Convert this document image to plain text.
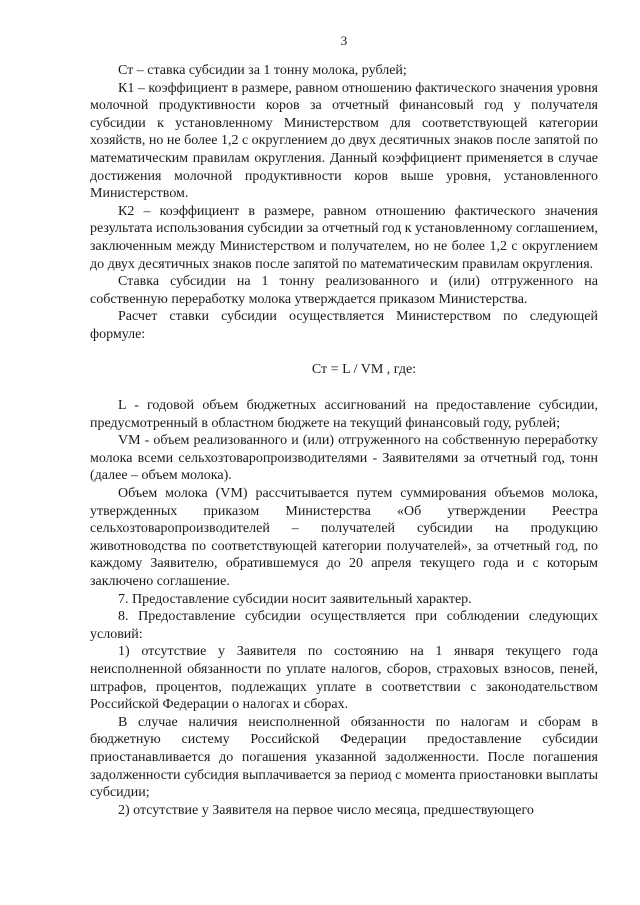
3

Ст – ставка субсидии за 1 тонну молока, рублей;

К1 – коэффициент в размере, равном отношению фактического значения уровня молочной продуктивности коров за отчетный финансовый год у получателя субсидии к установленному Министерством для соответствующей категории хозяйств, но не более 1,2 с округлением до двух десятичных знаков после запятой по математическим правилам округления. Данный коэффициент применяется в случае достижения молочной продуктивности коров выше уровня, установленного Министерством.

К2 – коэффициент в размере, равном отношению фактического значения результата использования субсидии за отчетный год к установленному соглашением, заключенным между Министерством и получателем, но не более 1,2 с округлением до двух десятичных знаков после запятой по математическим правилам округления.

Ставка субсидии на 1 тонну реализованного и (или) отгруженного на собственную переработку молока утверждается приказом Министерства.

Расчет ставки субсидии осуществляется Министерством по следующей формуле:

Ст = L / VM , где:

L - годовой объем бюджетных ассигнований на предоставление субсидии, предусмотренный в областном бюджете на текущий финансовый году, рублей;

VM - объем реализованного и (или) отгруженного на собственную переработку молока всеми сельхозтоваропроизводителями - Заявителями за отчетный год, тонн (далее – объем молока).

Объем молока (VM) рассчитывается путем суммирования объемов молока, утвержденных приказом Министерства «Об утверждении Реестра сельхозтоваропроизводителей – получателей субсидии на продукцию животноводства по соответствующей категории получателей», за отчетный год, по каждому Заявителю, обратившемуся до 20 апреля текущего года и с которым заключено соглашение.

7. Предоставление субсидии носит заявительный характер.

8. Предоставление субсидии осуществляется при соблюдении следующих условий:

1) отсутствие у Заявителя по состоянию на 1 января текущего года неисполненной обязанности по уплате налогов, сборов, страховых взносов, пеней, штрафов, процентов, подлежащих уплате в соответствии с законодательством Российской Федерации о налогах и сборах.

В случае наличия неисполненной обязанности по налогам и сборам в бюджетную систему Российской Федерации предоставление субсидии приостанавливается до погашения указанной задолженности. После погашения задолженности субсидия выплачивается за период с момента приостановки выплаты субсидии;

2) отсутствие у Заявителя на первое число месяца, предшествующего
